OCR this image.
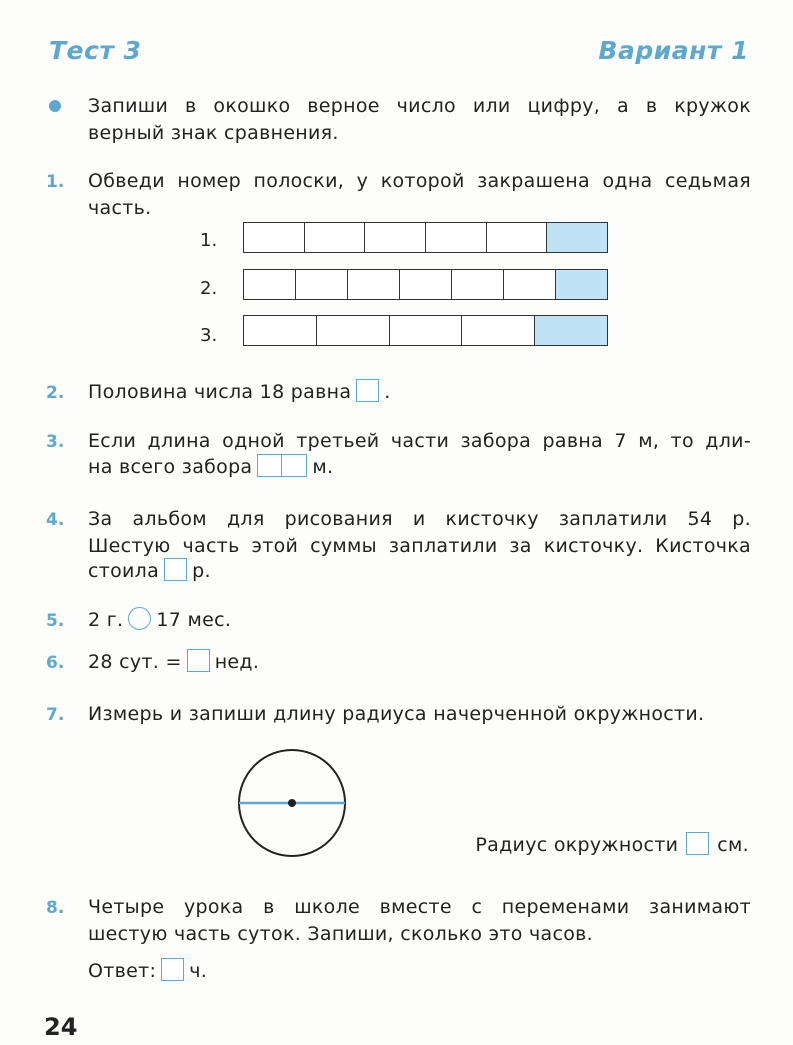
Тест 3	Вариант 1
Запиши в окошко верное число или цифру, а в кружок
верный знак сравнения.
1. Обведи номер полоски, у которой закрашена одна седьмая
часть.
1.
2.
3.
2. Половина числа 18 равна .
3. Если длина одной третьей части забора равна 7 м, то дли-
на всего забора	м.
4. За альбом для рисования и кисточку заплатили 54 р.
Шестую часть этой суммы заплатили за кисточку. Кисточка
стоила р.
5. 2 г. 17 мес.
6. 28 сут. = нед.
7. Измерь и запиши длину радиуса начерченной окружности.
Радиус окружности см.
8. Четыре урока в школе вместе с переменами занимают
шестую часть суток. Запиши, сколько это часов.
Ответ: ч.
24
